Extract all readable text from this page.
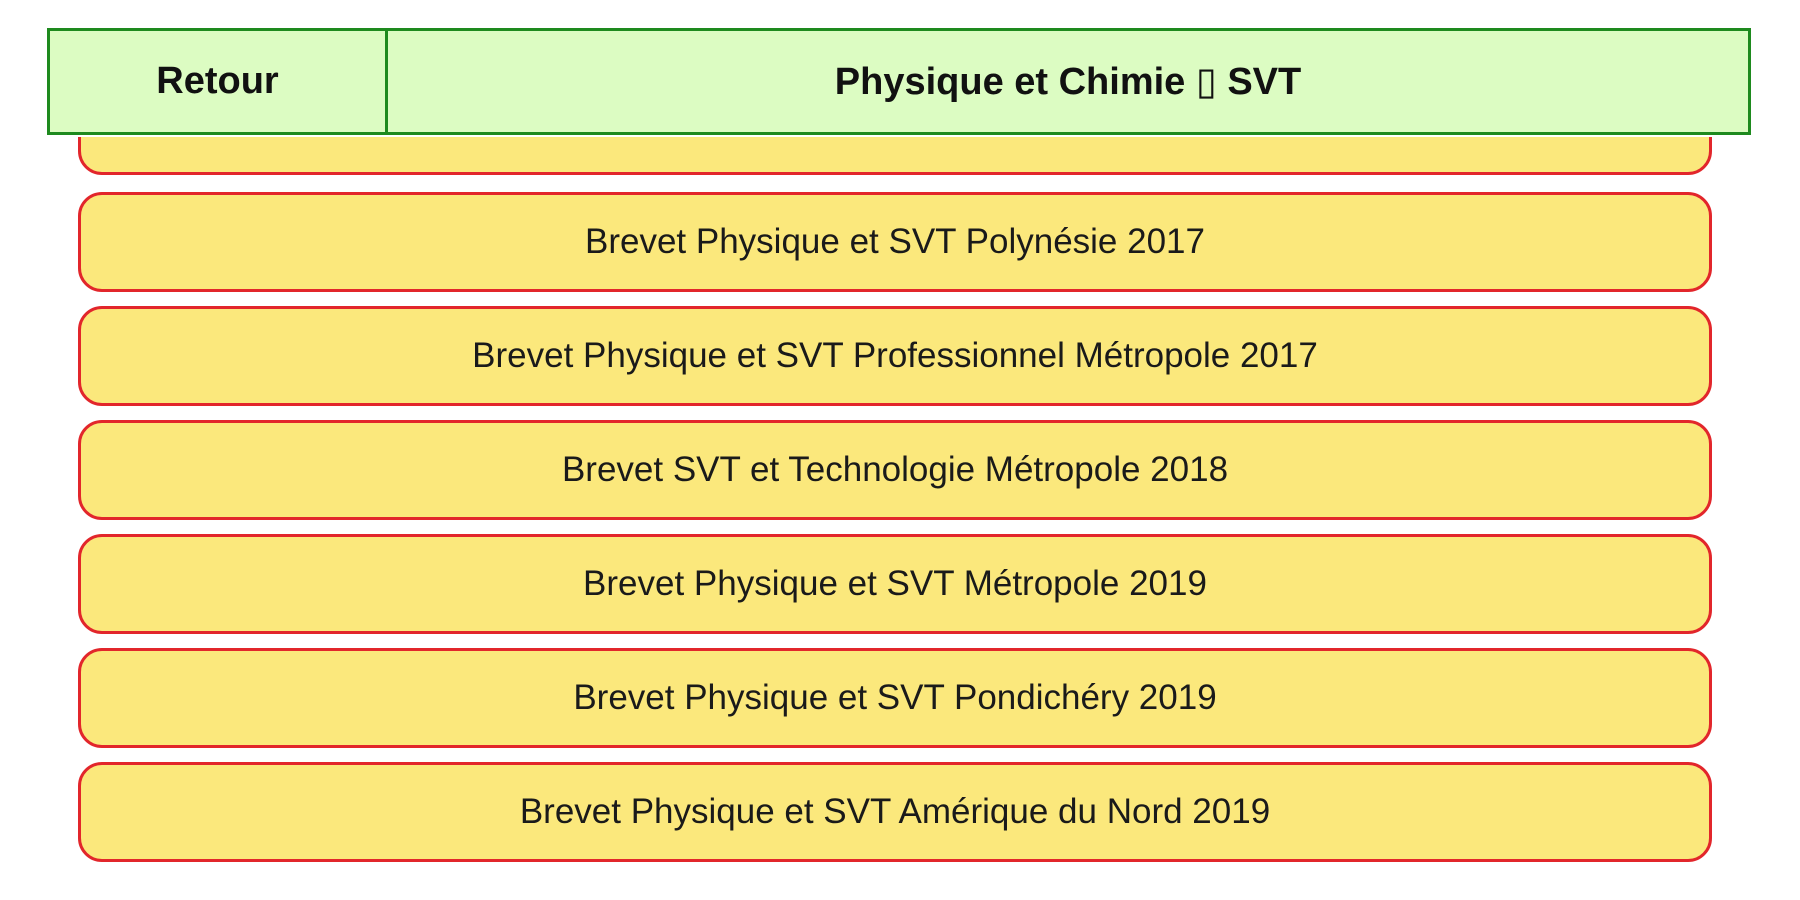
Retour	Physique et Chimie ▯ SVT
Brevet Physique et SVT Polynésie 2017
Brevet Physique et SVT Professionnel Métropole 2017
Brevet SVT et Technologie Métropole 2018
Brevet Physique et SVT Métropole 2019
Brevet Physique et SVT Pondichéry 2019
Brevet Physique et SVT Amérique du Nord 2019
